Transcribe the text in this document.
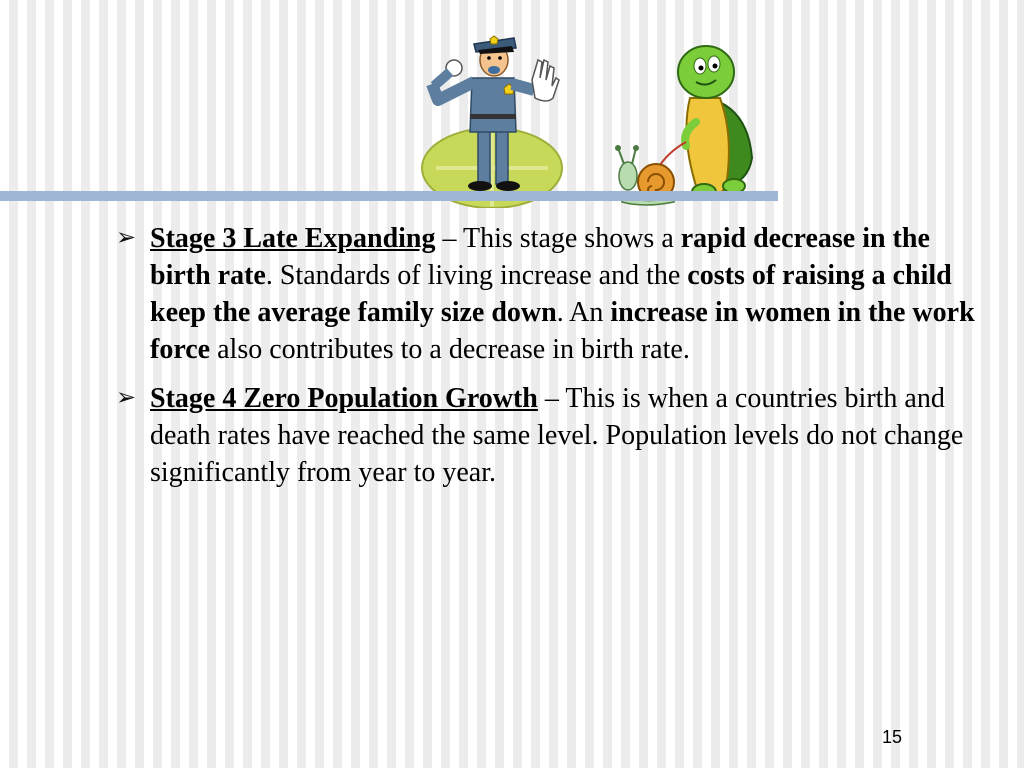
➢ Stage 3 Late Expanding – This stage shows a rapid decrease in the birth rate. Standards of living increase and the costs of raising a child keep the average family size down. An increase in women in the work force also contributes to a decrease in birth rate.
➢ Stage 4 Zero Population Growth – This is when a countries birth and death rates have reached the same level. Population levels do not change significantly from year to year.
15
